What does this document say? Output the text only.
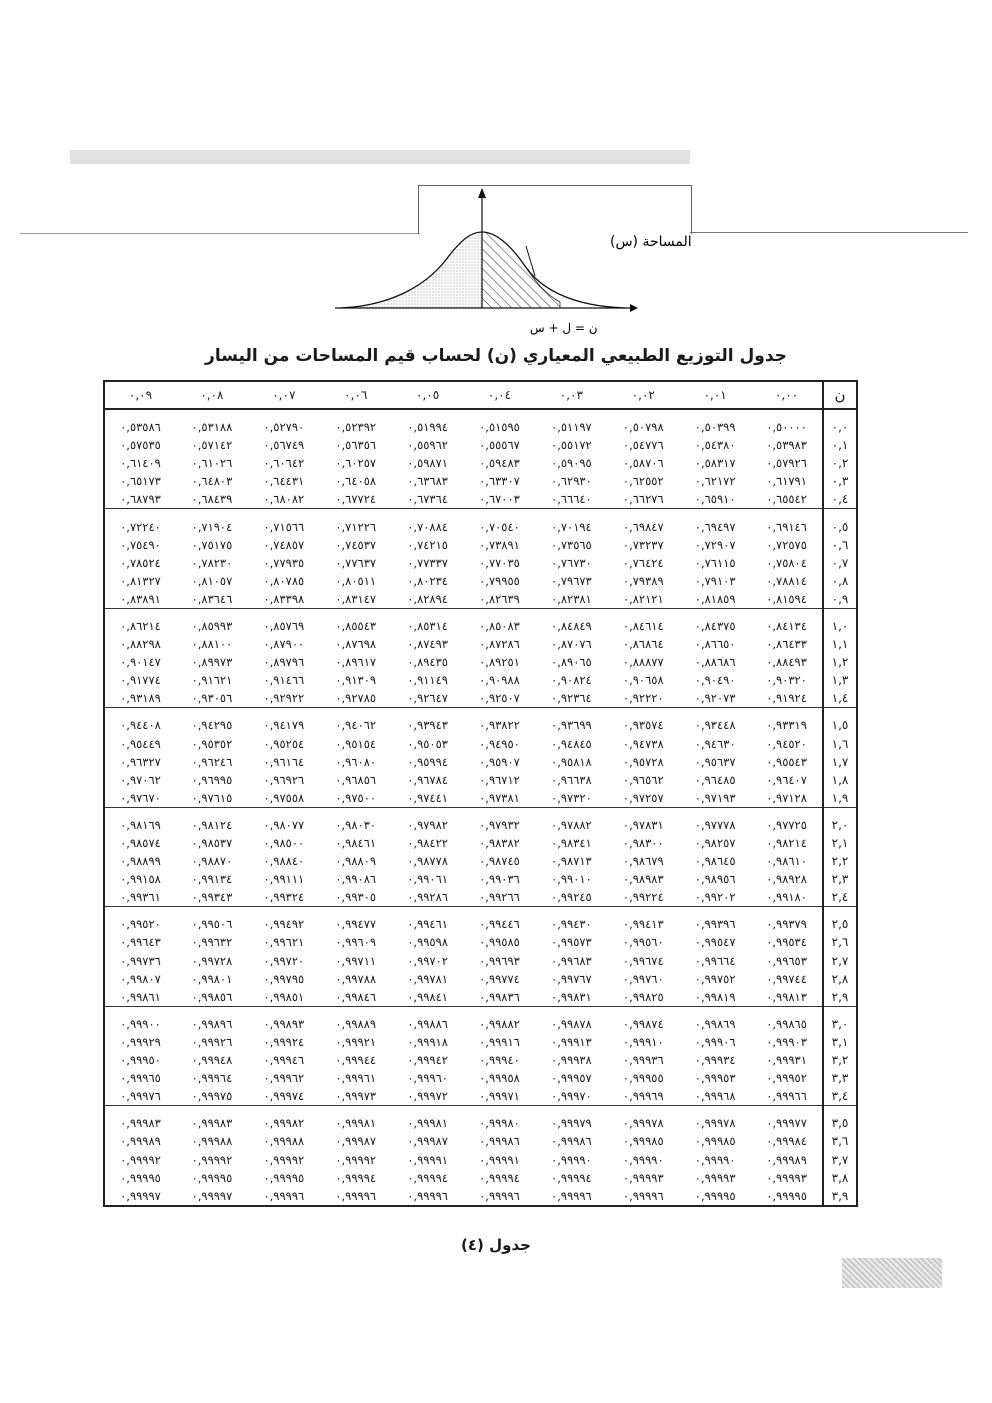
المساحة (س)
ن = ل + س
جدول التوزيع الطبيعي المعياري (ن) لحساب قيم المساحات من اليسار
ن	٠,٠٠	٠,٠١	٠,٠٢	٠,٠٣	٠,٠٤	٠,٠٥	٠,٠٦	٠,٠٧	٠,٠٨	٠,٠٩

٠,٠	٠,٥٠٠٠٠	٠,٥٠٣٩٩	٠,٥٠٧٩٨	٠,٥١١٩٧	٠,٥١٥٩٥	٠,٥١٩٩٤	٠,٥٢٣٩٢	٠,٥٢٧٩٠	٠,٥٣١٨٨	٠,٥٣٥٨٦
٠,١	٠,٥٣٩٨٣	٠,٥٤٣٨٠	٠,٥٤٧٧٦	٠,٥٥١٧٢	٠,٥٥٥٦٧	٠,٥٥٩٦٢	٠,٥٦٣٥٦	٠,٥٦٧٤٩	٠,٥٧١٤٢	٠,٥٧٥٣٥
٠,٢	٠,٥٧٩٢٦	٠,٥٨٣١٧	٠,٥٨٧٠٦	٠,٥٩٠٩٥	٠,٥٩٤٨٣	٠,٥٩٨٧١	٠,٦٠٢٥٧	٠,٦٠٦٤٢	٠,٦١٠٢٦	٠,٦١٤٠٩
٠,٣	٠,٦١٧٩١	٠,٦٢١٧٢	٠,٦٢٥٥٢	٠,٦٢٩٣٠	٠,٦٣٣٠٧	٠,٦٣٦٨٣	٠,٦٤٠٥٨	٠,٦٤٤٣١	٠,٦٤٨٠٣	٠,٦٥١٧٣
٠,٤	٠,٦٥٥٤٢	٠,٦٥٩١٠	٠,٦٦٢٧٦	٠,٦٦٦٤٠	٠,٦٧٠٠٣	٠,٦٧٣٦٤	٠,٦٧٧٢٤	٠,٦٨٠٨٢	٠,٦٨٤٣٩	٠,٦٨٧٩٣

٠,٥	٠,٦٩١٤٦	٠,٦٩٤٩٧	٠,٦٩٨٤٧	٠,٧٠١٩٤	٠,٧٠٥٤٠	٠,٧٠٨٨٤	٠,٧١٢٢٦	٠,٧١٥٦٦	٠,٧١٩٠٤	٠,٧٢٢٤٠
٠,٦	٠,٧٢٥٧٥	٠,٧٢٩٠٧	٠,٧٣٢٣٧	٠,٧٣٥٦٥	٠,٧٣٨٩١	٠,٧٤٢١٥	٠,٧٤٥٣٧	٠,٧٤٨٥٧	٠,٧٥١٧٥	٠,٧٥٤٩٠
٠,٧	٠,٧٥٨٠٤	٠,٧٦١١٥	٠,٧٦٤٢٤	٠,٧٦٧٣٠	٠,٧٧٠٣٥	٠,٧٧٣٣٧	٠,٧٧٦٣٧	٠,٧٧٩٣٥	٠,٧٨٢٣٠	٠,٧٨٥٢٤
٠,٨	٠,٧٨٨١٤	٠,٧٩١٠٣	٠,٧٩٣٨٩	٠,٧٩٦٧٣	٠,٧٩٩٥٥	٠,٨٠٢٣٤	٠,٨٠٥١١	٠,٨٠٧٨٥	٠,٨١٠٥٧	٠,٨١٣٢٧
٠,٩	٠,٨١٥٩٤	٠,٨١٨٥٩	٠,٨٢١٢١	٠,٨٢٣٨١	٠,٨٢٦٣٩	٠,٨٢٨٩٤	٠,٨٣١٤٧	٠,٨٣٣٩٨	٠,٨٣٦٤٦	٠,٨٣٨٩١

١,٠	٠,٨٤١٣٤	٠,٨٤٣٧٥	٠,٨٤٦١٤	٠,٨٤٨٤٩	٠,٨٥٠٨٣	٠,٨٥٣١٤	٠,٨٥٥٤٣	٠,٨٥٧٦٩	٠,٨٥٩٩٣	٠,٨٦٢١٤
١,١	٠,٨٦٤٣٣	٠,٨٦٦٥٠	٠,٨٦٨٦٤	٠,٨٧٠٧٦	٠,٨٧٢٨٦	٠,٨٧٤٩٣	٠,٨٧٦٩٨	٠,٨٧٩٠٠	٠,٨٨١٠٠	٠,٨٨٢٩٨
١,٢	٠,٨٨٤٩٣	٠,٨٨٦٨٦	٠,٨٨٨٧٧	٠,٨٩٠٦٥	٠,٨٩٢٥١	٠,٨٩٤٣٥	٠,٨٩٦١٧	٠,٨٩٧٩٦	٠,٨٩٩٧٣	٠,٩٠١٤٧
١,٣	٠,٩٠٣٢٠	٠,٩٠٤٩٠	٠,٩٠٦٥٨	٠,٩٠٨٢٤	٠,٩٠٩٨٨	٠,٩١١٤٩	٠,٩١٣٠٩	٠,٩١٤٦٦	٠,٩١٦٢١	٠,٩١٧٧٤
١,٤	٠,٩١٩٢٤	٠,٩٢٠٧٣	٠,٩٢٢٢٠	٠,٩٢٣٦٤	٠,٩٢٥٠٧	٠,٩٢٦٤٧	٠,٩٢٧٨٥	٠,٩٢٩٢٢	٠,٩٣٠٥٦	٠,٩٣١٨٩

١,٥	٠,٩٣٣١٩	٠,٩٣٤٤٨	٠,٩٣٥٧٤	٠,٩٣٦٩٩	٠,٩٣٨٢٢	٠,٩٣٩٤٣	٠,٩٤٠٦٢	٠,٩٤١٧٩	٠,٩٤٢٩٥	٠,٩٤٤٠٨
١,٦	٠,٩٤٥٢٠	٠,٩٤٦٣٠	٠,٩٤٧٣٨	٠,٩٤٨٤٥	٠,٩٤٩٥٠	٠,٩٥٠٥٣	٠,٩٥١٥٤	٠,٩٥٢٥٤	٠,٩٥٣٥٢	٠,٩٥٤٤٩
١,٧	٠,٩٥٥٤٣	٠,٩٥٦٣٧	٠,٩٥٧٢٨	٠,٩٥٨١٨	٠,٩٥٩٠٧	٠,٩٥٩٩٤	٠,٩٦٠٨٠	٠,٩٦١٦٤	٠,٩٦٢٤٦	٠,٩٦٣٢٧
١,٨	٠,٩٦٤٠٧	٠,٩٦٤٨٥	٠,٩٦٥٦٢	٠,٩٦٦٣٨	٠,٩٦٧١٢	٠,٩٦٧٨٤	٠,٩٦٨٥٦	٠,٩٦٩٢٦	٠,٩٦٩٩٥	٠,٩٧٠٦٢
١,٩	٠,٩٧١٢٨	٠,٩٧١٩٣	٠,٩٧٢٥٧	٠,٩٧٣٢٠	٠,٩٧٣٨١	٠,٩٧٤٤١	٠,٩٧٥٠٠	٠,٩٧٥٥٨	٠,٩٧٦١٥	٠,٩٧٦٧٠

٢,٠	٠,٩٧٧٢٥	٠,٩٧٧٧٨	٠,٩٧٨٣١	٠,٩٧٨٨٢	٠,٩٧٩٣٢	٠,٩٧٩٨٢	٠,٩٨٠٣٠	٠,٩٨٠٧٧	٠,٩٨١٢٤	٠,٩٨١٦٩
٢,١	٠,٩٨٢١٤	٠,٩٨٢٥٧	٠,٩٨٣٠٠	٠,٩٨٣٤١	٠,٩٨٣٨٢	٠,٩٨٤٢٢	٠,٩٨٤٦١	٠,٩٨٥٠٠	٠,٩٨٥٣٧	٠,٩٨٥٧٤
٢,٢	٠,٩٨٦١٠	٠,٩٨٦٤٥	٠,٩٨٦٧٩	٠,٩٨٧١٣	٠,٩٨٧٤٥	٠,٩٨٧٧٨	٠,٩٨٨٠٩	٠,٩٨٨٤٠	٠,٩٨٨٧٠	٠,٩٨٨٩٩
٢,٣	٠,٩٨٩٢٨	٠,٩٨٩٥٦	٠,٩٨٩٨٣	٠,٩٩٠١٠	٠,٩٩٠٣٦	٠,٩٩٠٦١	٠,٩٩٠٨٦	٠,٩٩١١١	٠,٩٩١٣٤	٠,٩٩١٥٨
٢,٤	٠,٩٩١٨٠	٠,٩٩٢٠٢	٠,٩٩٢٢٤	٠,٩٩٢٤٥	٠,٩٩٢٦٦	٠,٩٩٢٨٦	٠,٩٩٣٠٥	٠,٩٩٣٢٤	٠,٩٩٣٤٣	٠,٩٩٣٦١

٢,٥	٠,٩٩٣٧٩	٠,٩٩٣٩٦	٠,٩٩٤١٣	٠,٩٩٤٣٠	٠,٩٩٤٤٦	٠,٩٩٤٦١	٠,٩٩٤٧٧	٠,٩٩٤٩٢	٠,٩٩٥٠٦	٠,٩٩٥٢٠
٢,٦	٠,٩٩٥٣٤	٠,٩٩٥٤٧	٠,٩٩٥٦٠	٠,٩٩٥٧٣	٠,٩٩٥٨٥	٠,٩٩٥٩٨	٠,٩٩٦٠٩	٠,٩٩٦٢١	٠,٩٩٦٣٢	٠,٩٩٦٤٣
٢,٧	٠,٩٩٦٥٣	٠,٩٩٦٦٤	٠,٩٩٦٧٤	٠,٩٩٦٨٣	٠,٩٩٦٩٣	٠,٩٩٧٠٢	٠,٩٩٧١١	٠,٩٩٧٢٠	٠,٩٩٧٢٨	٠,٩٩٧٣٦
٢,٨	٠,٩٩٧٤٤	٠,٩٩٧٥٢	٠,٩٩٧٦٠	٠,٩٩٧٦٧	٠,٩٩٧٧٤	٠,٩٩٧٨١	٠,٩٩٧٨٨	٠,٩٩٧٩٥	٠,٩٩٨٠١	٠,٩٩٨٠٧
٢,٩	٠,٩٩٨١٣	٠,٩٩٨١٩	٠,٩٩٨٢٥	٠,٩٩٨٣١	٠,٩٩٨٣٦	٠,٩٩٨٤١	٠,٩٩٨٤٦	٠,٩٩٨٥١	٠,٩٩٨٥٦	٠,٩٩٨٦١

٣,٠	٠,٩٩٨٦٥	٠,٩٩٨٦٩	٠,٩٩٨٧٤	٠,٩٩٨٧٨	٠,٩٩٨٨٢	٠,٩٩٨٨٦	٠,٩٩٨٨٩	٠,٩٩٨٩٣	٠,٩٩٨٩٦	٠,٩٩٩٠٠
٣,١	٠,٩٩٩٠٣	٠,٩٩٩٠٦	٠,٩٩٩١٠	٠,٩٩٩١٣	٠,٩٩٩١٦	٠,٩٩٩١٨	٠,٩٩٩٢١	٠,٩٩٩٢٤	٠,٩٩٩٢٦	٠,٩٩٩٢٩
٣,٢	٠,٩٩٩٣١	٠,٩٩٩٣٤	٠,٩٩٩٣٦	٠,٩٩٩٣٨	٠,٩٩٩٤٠	٠,٩٩٩٤٢	٠,٩٩٩٤٤	٠,٩٩٩٤٦	٠,٩٩٩٤٨	٠,٩٩٩٥٠
٣,٣	٠,٩٩٩٥٢	٠,٩٩٩٥٣	٠,٩٩٩٥٥	٠,٩٩٩٥٧	٠,٩٩٩٥٨	٠,٩٩٩٦٠	٠,٩٩٩٦١	٠,٩٩٩٦٢	٠,٩٩٩٦٤	٠,٩٩٩٦٥
٣,٤	٠,٩٩٩٦٦	٠,٩٩٩٦٨	٠,٩٩٩٦٩	٠,٩٩٩٧٠	٠,٩٩٩٧١	٠,٩٩٩٧٢	٠,٩٩٩٧٣	٠,٩٩٩٧٤	٠,٩٩٩٧٥	٠,٩٩٩٧٦

٣,٥	٠,٩٩٩٧٧	٠,٩٩٩٧٨	٠,٩٩٩٧٨	٠,٩٩٩٧٩	٠,٩٩٩٨٠	٠,٩٩٩٨١	٠,٩٩٩٨١	٠,٩٩٩٨٢	٠,٩٩٩٨٣	٠,٩٩٩٨٣
٣,٦	٠,٩٩٩٨٤	٠,٩٩٩٨٥	٠,٩٩٩٨٥	٠,٩٩٩٨٦	٠,٩٩٩٨٦	٠,٩٩٩٨٧	٠,٩٩٩٨٧	٠,٩٩٩٨٨	٠,٩٩٩٨٨	٠,٩٩٩٨٩
٣,٧	٠,٩٩٩٨٩	٠,٩٩٩٩٠	٠,٩٩٩٩٠	٠,٩٩٩٩٠	٠,٩٩٩٩١	٠,٩٩٩٩١	٠,٩٩٩٩٢	٠,٩٩٩٩٢	٠,٩٩٩٩٢	٠,٩٩٩٩٢
٣,٨	٠,٩٩٩٩٣	٠,٩٩٩٩٣	٠,٩٩٩٩٣	٠,٩٩٩٩٤	٠,٩٩٩٩٤	٠,٩٩٩٩٤	٠,٩٩٩٩٤	٠,٩٩٩٩٥	٠,٩٩٩٩٥	٠,٩٩٩٩٥
٣,٩	٠,٩٩٩٩٥	٠,٩٩٩٩٥	٠,٩٩٩٩٦	٠,٩٩٩٩٦	٠,٩٩٩٩٦	٠,٩٩٩٩٦	٠,٩٩٩٩٦	٠,٩٩٩٩٦	٠,٩٩٩٩٧	٠,٩٩٩٩٧
جدول (٤)
